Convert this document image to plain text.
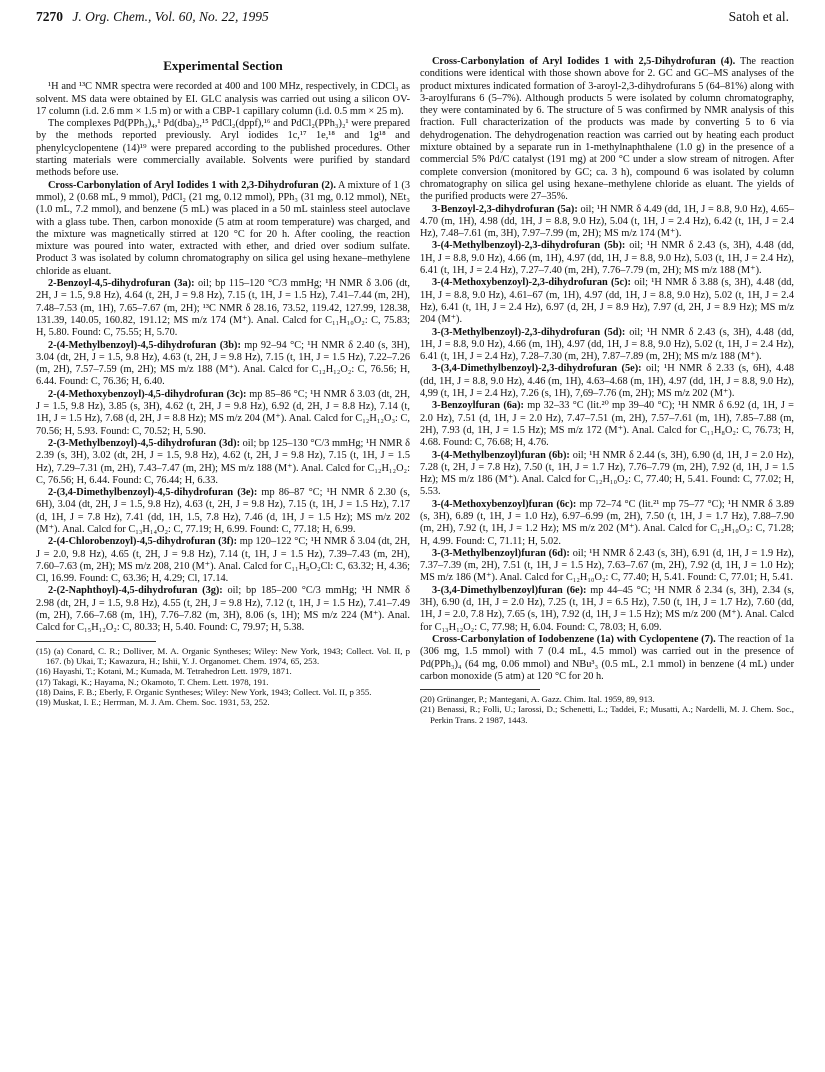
7270 J. Org. Chem., Vol. 60, No. 22, 1995	Satoh et al.
Experimental Section

¹H and ¹³C NMR spectra were recorded at 400 and 100 MHz, respectively, in CDCl₃ as solvent. MS data were obtained by EI. GLC analysis was carried out using a silicon OV-17 column (i.d. 2.6 mm × 1.5 m) or with a CBP-1 capillary column (i.d. 0.5 mm × 25 m).

The complexes Pd(PPh₃)₄,¹ Pd(dba)₂,¹⁵ PdCl₂(dppf),¹⁶ and PdCl₂(PPh₃)₂¹ were prepared by the methods reported previously. Aryl iodides 1c,¹⁷ 1e,¹⁸ and 1g¹⁸ and phenylcyclopentene (14)¹⁹ were prepared according to the published procedures. Other starting materials were commercially available. Solvents were purified by standard methods before use.

Cross-Carbonylation of Aryl Iodides 1 with 2,3-Dihydrofuran (2). A mixture of 1 (3 mmol), 2 (0.68 mL, 9 mmol), PdCl₂ (21 mg, 0.12 mmol), PPh₃ (31 mg, 0.12 mmol), NEt₃ (1.0 mL, 7.2 mmol), and benzene (5 mL) was placed in a 50 mL stainless steel autoclave with a glass tube. Then, carbon monoxide (5 atm at room temperature) was charged, and the mixture was magnetically stirred at 120 °C for 20 h. After cooling, the reaction mixture was poured into water, extracted with ether, and dried over sodium sulfate. Product 3 was isolated by column chromatography on silica gel using hexane–methylene chloride as eluant.

2-Benzoyl-4,5-dihydrofuran (3a): oil; bp 115–120 °C/3 mmHg; ¹H NMR δ 3.06 (dt, 2H, J = 1.5, 9.8 Hz), 4.64 (t, 2H, J = 9.8 Hz), 7.15 (t, 1H, J = 1.5 Hz), 7.41–7.44 (m, 2H), 7.48–7.53 (m, 1H), 7.65–7.67 (m, 2H); ¹³C NMR δ 28.16, 73.52, 119.42, 127.99, 128.38, 131.39, 140.05, 160.82, 191.12; MS m/z 174 (M⁺). Anal. Calcd for C₁₁H₁₀O₂: C, 75.83; H, 5.80. Found: C, 75.55; H, 5.70.

2-(4-Methylbenzoyl)-4,5-dihydrofuran (3b): mp 92–94 °C; ¹H NMR δ 2.40 (s, 3H), 3.04 (dt, 2H, J = 1.5, 9.8 Hz), 4.63 (t, 2H, J = 9.8 Hz), 7.15 (t, 1H, J = 1.5 Hz), 7.22–7.26 (m, 2H), 7.57–7.59 (m, 2H); MS m/z 188 (M⁺). Anal. Calcd for C₁₂H₁₂O₂: C, 76.56; H, 6.44. Found: C, 76.36; H, 6.40.

2-(4-Methoxybenzoyl)-4,5-dihydrofuran (3c): mp 85–86 °C; ¹H NMR δ 3.03 (dt, 2H, J = 1.5, 9.8 Hz), 3.85 (s, 3H), 4.62 (t, 2H, J = 9.8 Hz), 6.92 (d, 2H, J = 8.8 Hz), 7.14 (t, 1H, J = 1.5 Hz), 7.68 (d, 2H, J = 8.8 Hz); MS m/z 204 (M⁺). Anal. Calcd for C₁₂H₁₂O₃: C, 70.56; H, 5.93. Found: C, 70.52; H, 5.90.

2-(3-Methylbenzoyl)-4,5-dihydrofuran (3d): oil; bp 125–130 °C/3 mmHg; ¹H NMR δ 2.39 (s, 3H), 3.02 (dt, 2H, J = 1.5, 9.8 Hz), 4.62 (t, 2H, J = 9.8 Hz), 7.15 (t, 1H, J = 1.5 Hz), 7.29–7.31 (m, 2H), 7.43–7.47 (m, 2H); MS m/z 188 (M⁺). Anal. Calcd for C₁₂H₁₂O₂: C, 76.56; H, 6.44. Found: C, 76.44; H, 6.33.

2-(3,4-Dimethylbenzoyl)-4,5-dihydrofuran (3e): mp 86–87 °C; ¹H NMR δ 2.30 (s, 6H), 3.04 (dt, 2H, J = 1.5, 9.8 Hz), 4.63 (t, 2H, J = 9.8 Hz), 7.15 (t, 1H, J = 1.5 Hz), 7.17 (d, 1H, J = 7.8 Hz), 7.41 (dd, 1H, 1.5, 7.8 Hz), 7.46 (d, 1H, J = 1.5 Hz); MS m/z 202 (M⁺). Anal. Calcd for C₁₃H₁₄O₂: C, 77.19; H, 6.99. Found: C, 77.18; H, 6.99.

2-(4-Chlorobenzoyl)-4,5-dihydrofuran (3f): mp 120–122 °C; ¹H NMR δ 3.04 (dt, 2H, J = 2.0, 9.8 Hz), 4.65 (t, 2H, J = 9.8 Hz), 7.14 (t, 1H, J = 1.5 Hz), 7.39–7.43 (m, 2H), 7.60–7.63 (m, 2H); MS m/z 208, 210 (M⁺). Anal. Calcd for C₁₁H₉O₂Cl: C, 63.32; H, 4.36; Cl, 16.99. Found: C, 63.36; H, 4.29; Cl, 17.14.

2-(2-Naphthoyl)-4,5-dihydrofuran (3g): oil; bp 185–200 °C/3 mmHg; ¹H NMR δ 2.98 (dt, 2H, J = 1.5, 9.8 Hz), 4.55 (t, 2H, J = 9.8 Hz), 7.12 (t, 1H, J = 1.5 Hz), 7.41–7.49 (m, 2H), 7.66–7.68 (m, 1H), 7.76–7.82 (m, 3H), 8.06 (s, 1H); MS m/z 224 (M⁺). Anal. Calcd for C₁₅H₁₂O₂: C, 80.33; H, 5.40. Found: C, 79.97; H, 5.38.

(15) (a) Conard, C. R.; Dolliver, M. A. Organic Syntheses; Wiley: New York, 1943; Collect. Vol. II, p 167. (b) Ukai, T.; Kawazura, H.; Ishii, Y. J. Organomet. Chem. 1974, 65, 253.

(16) Hayashi, T.; Kotani, M.; Kumada, M. Tetrahedron Lett. 1979, 1871.

(17) Takagi, K.; Hayama, N.; Okamoto, T. Chem. Lett. 1978, 191.

(18) Dains, F. B.; Eberly, F. Organic Syntheses; Wiley: New York, 1943; Collect. Vol. II, p 355.

(19) Muskat, I. E.; Herrman, M. J. Am. Chem. Soc. 1931, 53, 252.

Cross-Carbonylation of Aryl Iodides 1 with 2,5-Dihydrofuran (4). The reaction conditions were identical with those shown above for 2. GC and GC–MS analyses of the product mixtures indicated formation of 3-aroyl-2,3-dihydrofurans 5 (64–81%) along with 3-aroylfurans 6 (5–7%). Although products 5 were isolated by column chromatography, they were contaminated by 6. The structure of 5 was confirmed by NMR analysis of this fraction. Full characterization of the products was made by converting 5 to 6 via dehydrogenation. The dehydrogenation reaction was carried out by heating each product mixture obtained by a separate run in 1-methylnaphthalene (1.0 g) in the presence of a commercial 5% Pd/C catalyst (191 mg) at 200 °C under a slow stream of nitrogen. After complete conversion (monitored by GC; ca. 3 h), compound 6 was isolated by column chromatography on silica gel using hexane–methylene chloride as eluant. The yields of the purified products were 27–35%.

3-Benzoyl-2,3-dihydrofuran (5a): oil; ¹H NMR δ 4.49 (dd, 1H, J = 8.8, 9.0 Hz), 4.65–4.70 (m, 1H), 4.98 (dd, 1H, J = 8.8, 9.0 Hz), 5.04 (t, 1H, J = 2.4 Hz), 6.42 (t, 1H, J = 2.4 Hz), 7.48–7.61 (m, 3H), 7.97–7.99 (m, 2H); MS m/z 174 (M⁺).

3-(4-Methylbenzoyl)-2,3-dihydrofuran (5b): oil; ¹H NMR δ 2.43 (s, 3H), 4.48 (dd, 1H, J = 8.8, 9.0 Hz), 4.66 (m, 1H), 4.97 (dd, 1H, J = 8.8, 9.0 Hz), 5.03 (t, 1H, J = 2.4 Hz), 6.41 (t, 1H, J = 2.4 Hz), 7.27–7.40 (m, 2H), 7.76–7.79 (m, 2H); MS m/z 188 (M⁺).

3-(4-Methoxybenzoyl)-2,3-dihydrofuran (5c): oil; ¹H NMR δ 3.88 (s, 3H), 4.48 (dd, 1H, J = 8.8, 9.0 Hz), 4.61–67 (m, 1H), 4.97 (dd, 1H, J = 8.8, 9.0 Hz), 5.02 (t, 1H, J = 2.4 Hz), 6.41 (t, 1H, J = 2.4 Hz), 6.97 (d, 2H, J = 8.9 Hz), 7.97 (d, 2H, J = 8.9 Hz); MS m/z 204 (M⁺).

3-(3-Methylbenzoyl)-2,3-dihydrofuran (5d): oil; ¹H NMR δ 2.43 (s, 3H), 4.48 (dd, 1H, J = 8.8, 9.0 Hz), 4.66 (m, 1H), 4.97 (dd, 1H, J = 8.8, 9.0 Hz), 5.02 (t, 1H, J = 2.4 Hz), 6.41 (t, 1H, J = 2.4 Hz), 7.28–7.30 (m, 2H), 7.87–7.89 (m, 2H); MS m/z 188 (M⁺).

3-(3,4-Dimethylbenzoyl)-2,3-dihydrofuran (5e): oil; ¹H NMR δ 2.33 (s, 6H), 4.48 (dd, 1H, J = 8.8, 9.0 Hz), 4.46 (m, 1H), 4.63–4.68 (m, 1H), 4.97 (dd, 1H, J = 8.8, 9.0 Hz), 4,99 (t, 1H, J = 2.4 Hz), 7.26 (s, 1H), 7,69–7.76 (m, 2H); MS m/z 202 (M⁺).

3-Benzoylfuran (6a): mp 32–33 °C (lit.²⁰ mp 39–40 °C); ¹H NMR δ 6.92 (d, 1H, J = 2.0 Hz), 7.51 (d, 1H, J = 2.0 Hz), 7.47–7.51 (m, 2H), 7.57–7.61 (m, 1H), 7.85–7.88 (m, 2H), 7.93 (d, 1H, J = 1.5 Hz); MS m/z 172 (M⁺). Anal. Calcd for C₁₁H₈O₂: C, 76.73; H, 4.68. Found: C, 76.68; H, 4.76.

3-(4-Methylbenzoyl)furan (6b): oil; ¹H NMR δ 2.44 (s, 3H), 6.90 (d, 1H, J = 2.0 Hz), 7.28 (t, 2H, J = 7.8 Hz), 7.50 (t, 1H, J = 1.7 Hz), 7.76–7.79 (m, 2H), 7.92 (d, 1H, J = 1.5 Hz); MS m/z 186 (M⁺). Anal. Calcd for C₁₂H₁₀O₂: C, 77.40; H, 5.41. Found: C, 77.02; H, 5.53.

3-(4-Methoxybenzoyl)furan (6c): mp 72–74 °C (lit.²¹ mp 75–77 °C); ¹H NMR δ 3.89 (s, 3H), 6.89 (t, 1H, J = 1.0 Hz), 6.97–6.99 (m, 2H), 7.50 (t, 1H, J = 1.7 Hz), 7.88–7.90 (m, 2H), 7.92 (t, 1H, J = 1.2 Hz); MS m/z 202 (M⁺). Anal. Calcd for C₁₂H₁₀O₃: C, 71.28; H, 4.99. Found: C, 71.11; H, 5.02.

3-(3-Methylbenzoyl)furan (6d): oil; ¹H NMR δ 2.43 (s, 3H), 6.91 (d, 1H, J = 1.9 Hz), 7.37–7.39 (m, 2H), 7.51 (t, 1H, J = 1.5 Hz), 7.63–7.67 (m, 2H), 7.92 (d, 1H, J = 1.0 Hz); MS m/z 186 (M⁺). Anal. Calcd for C₁₂H₁₀O₂: C, 77.40; H, 5.41. Found: C, 77.01; H, 5.41.

3-(3,4-Dimethylbenzoyl)furan (6e): mp 44–45 °C; ¹H NMR δ 2.34 (s, 3H), 2.34 (s, 3H), 6.90 (d, 1H, J = 2.0 Hz), 7.25 (t, 1H, J = 6.5 Hz), 7.50 (t, 1H, J = 1.7 Hz), 7.60 (dd, 1H, J = 2.0, 7.8 Hz), 7.65 (s, 1H), 7.92 (d, 1H, J = 1.5 Hz); MS m/z 200 (M⁺). Anal. Calcd for C₁₃H₁₂O₂: C, 77.98; H, 6.04. Found: C, 78.03; H, 6.09.

Cross-Carbonylation of Iodobenzene (1a) with Cyclopentene (7). The reaction of 1a (306 mg, 1.5 mmol) with 7 (0.4 mL, 4.5 mmol) was carried out in the presence of Pd(PPh₃)₄ (64 mg, 0.06 mmol) and NBu³₃ (0.5 mL, 2.1 mmol) in benzene (4 mL) under carbon monoxide (5 atm) at 120 °C for 20 h.

(20) Grünanger, P.; Mantegani, A. Gazz. Chim. Ital. 1959, 89, 913.

(21) Benassi, R.; Folli, U.; Iarossi, D.; Schenetti, L.; Taddei, F.; Musatti, A.; Nardelli, M. J. Chem. Soc., Perkin Trans. 2 1987, 1443.
